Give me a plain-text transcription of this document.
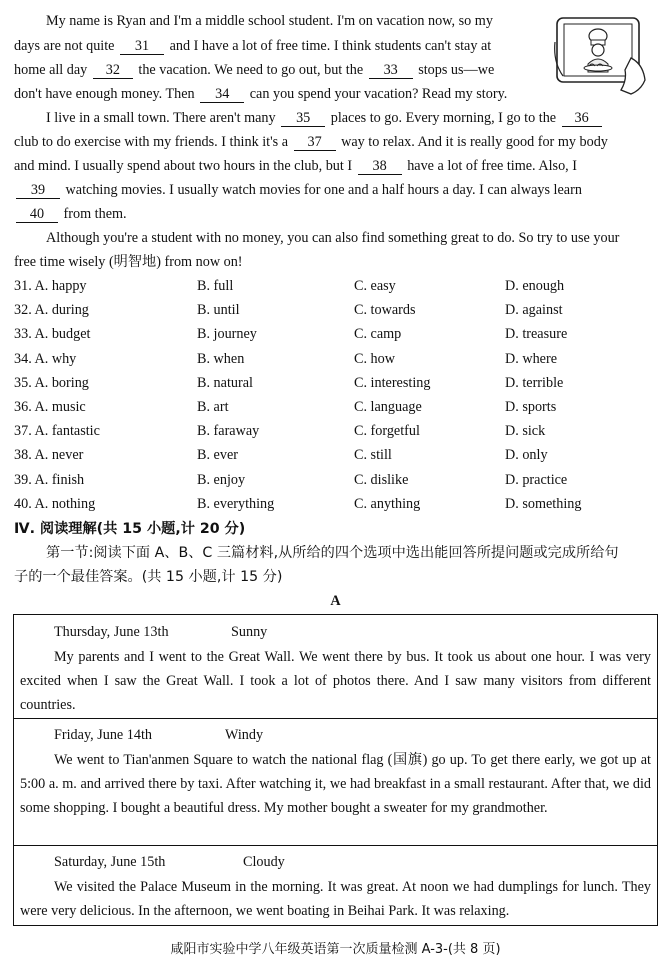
My name is Ryan and I'm a middle school student. I'm on vacation now, so my
days are not quite 31 and I have a lot of free time. I think students can't stay at
home all day 32 the vacation. We need to go out, but the 33 stops us—we
don't have enough money. Then 34 can you spend your vacation? Read my story.
I live in a small town. There aren't many 35 places to go. Every morning, I go to the 36
club to do exercise with my friends. I think it's a 37 way to relax. And it is really good for my body
and mind. I usually spend about two hours in the club, but I 38 have a lot of free time. Also, I
39 watching movies. I usually watch movies for one and a half hours a day. I can always learn
40 from them.
Although you're a student with no money, you can also find something great to do. So try to use your
free time wisely (明智地) from now on!
31. A. happy	B. full	C. easy	D. enough
32. A. during	B. until	C. towards	D. against
33. A. budget	B. journey	C. camp	D. treasure
34. A. why	B. when	C. how	D. where
35. A. boring	B. natural	C. interesting	D. terrible
36. A. music	B. art	C. language	D. sports
37. A. fantastic	B. faraway	C. forgetful	D. sick
38. A. never	B. ever	C. still	D. only
39. A. finish	B. enjoy	C. dislike	D. practice
40. A. nothing	B. everything	C. anything	D. something
Ⅳ. 阅读理解(共 15 小题,计 20 分)
第一节:阅读下面 A、B、C 三篇材料,从所给的四个选项中选出能回答所提问题或完成所给句
子的一个最佳答案。(共 15 小题,计 15 分)
A
Thursday, June 13th	Sunny
My parents and I went to the Great Wall. We went there by bus. It took us about one hour. I was very excited when I saw the Great Wall. I took a lot of photos there. And I saw many visitors from different countries.
Friday, June 14th	Windy
We went to Tian'anmen Square to watch the national flag (国旗) go up. To get there early, we got up at 5:00 a. m. and arrived there by taxi. After watching it, we had breakfast in a small restaurant. After that, we did some shopping. I bought a beautiful dress. My mother bought a sweater for my grandmother.
Saturday, June 15th	Cloudy
We visited the Palace Museum in the morning. It was great. At noon we had dumplings for lunch. They were very delicious. In the afternoon, we went boating in Beihai Park. It was relaxing.
咸阳市实验中学八年级英语第一次质量检测 A-3-(共 8 页)
